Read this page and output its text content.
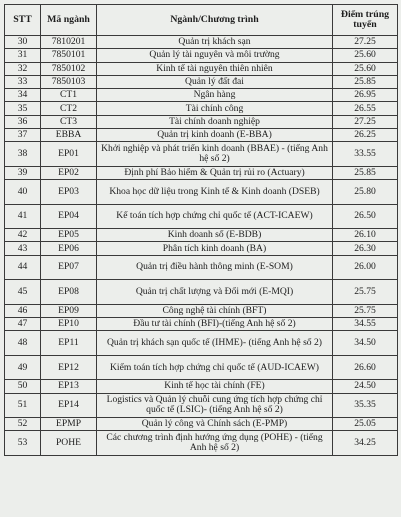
STT	Mã ngành	Ngành/Chương trình	Điểm trúng tuyển
30	7810201	Quản trị khách sạn	27.25
31	7850101	Quản lý tài nguyên và môi trường	25.60
32	7850102	Kinh tế tài nguyên thiên nhiên	25.60
33	7850103	Quản lý đất đai	25.85
34	CT1	Ngân hàng	26.95
35	CT2	Tài chính công	26.55
36	CT3	Tài chính doanh nghiệp	27.25
37	EBBA	Quản trị kinh doanh (E-BBA)	26.25
38	EP01	Khởi nghiệp và phát triển kinh doanh (BBAE) - (tiếng Anh hệ số 2)	33.55
39	EP02	Định phí Bảo hiểm & Quản trị rủi ro (Actuary)	25.85
40	EP03	Khoa học dữ liệu trong Kinh tế & Kinh doanh (DSEB)	25.80
41	EP04	Kế toán tích hợp chứng chỉ quốc tế (ACT-ICAEW)	26.50
42	EP05	Kinh doanh số (E-BDB)	26.10
43	EP06	Phân tích kinh doanh (BA)	26.30
44	EP07	Quản trị điều hành thông minh (E-SOM)	26.00
45	EP08	Quản trị chất lượng và Đổi mới (E-MQI)	25.75
46	EP09	Công nghệ tài chính (BFT)	25.75
47	EP10	Đầu tư tài chính (BFI)-(tiếng Anh hệ số 2)	34.55
48	EP11	Quản trị khách sạn quốc tế (IHME)- (tiếng Anh hệ số 2)	34.50
49	EP12	Kiểm toán tích hợp chứng chỉ quốc tế (AUD-ICAEW)	26.60
50	EP13	Kinh tế học tài chính (FE)	24.50
51	EP14	Logistics và Quản lý chuỗi cung ứng tích hợp chứng chỉ quốc tế (LSIC)- (tiếng Anh hệ số 2)	35.35
52	EPMP	Quản lý công và Chính sách (E-PMP)	25.05
53	POHE	Các chương trình định hướng ứng dụng (POHE) - (tiếng Anh hệ số 2)	34.25
